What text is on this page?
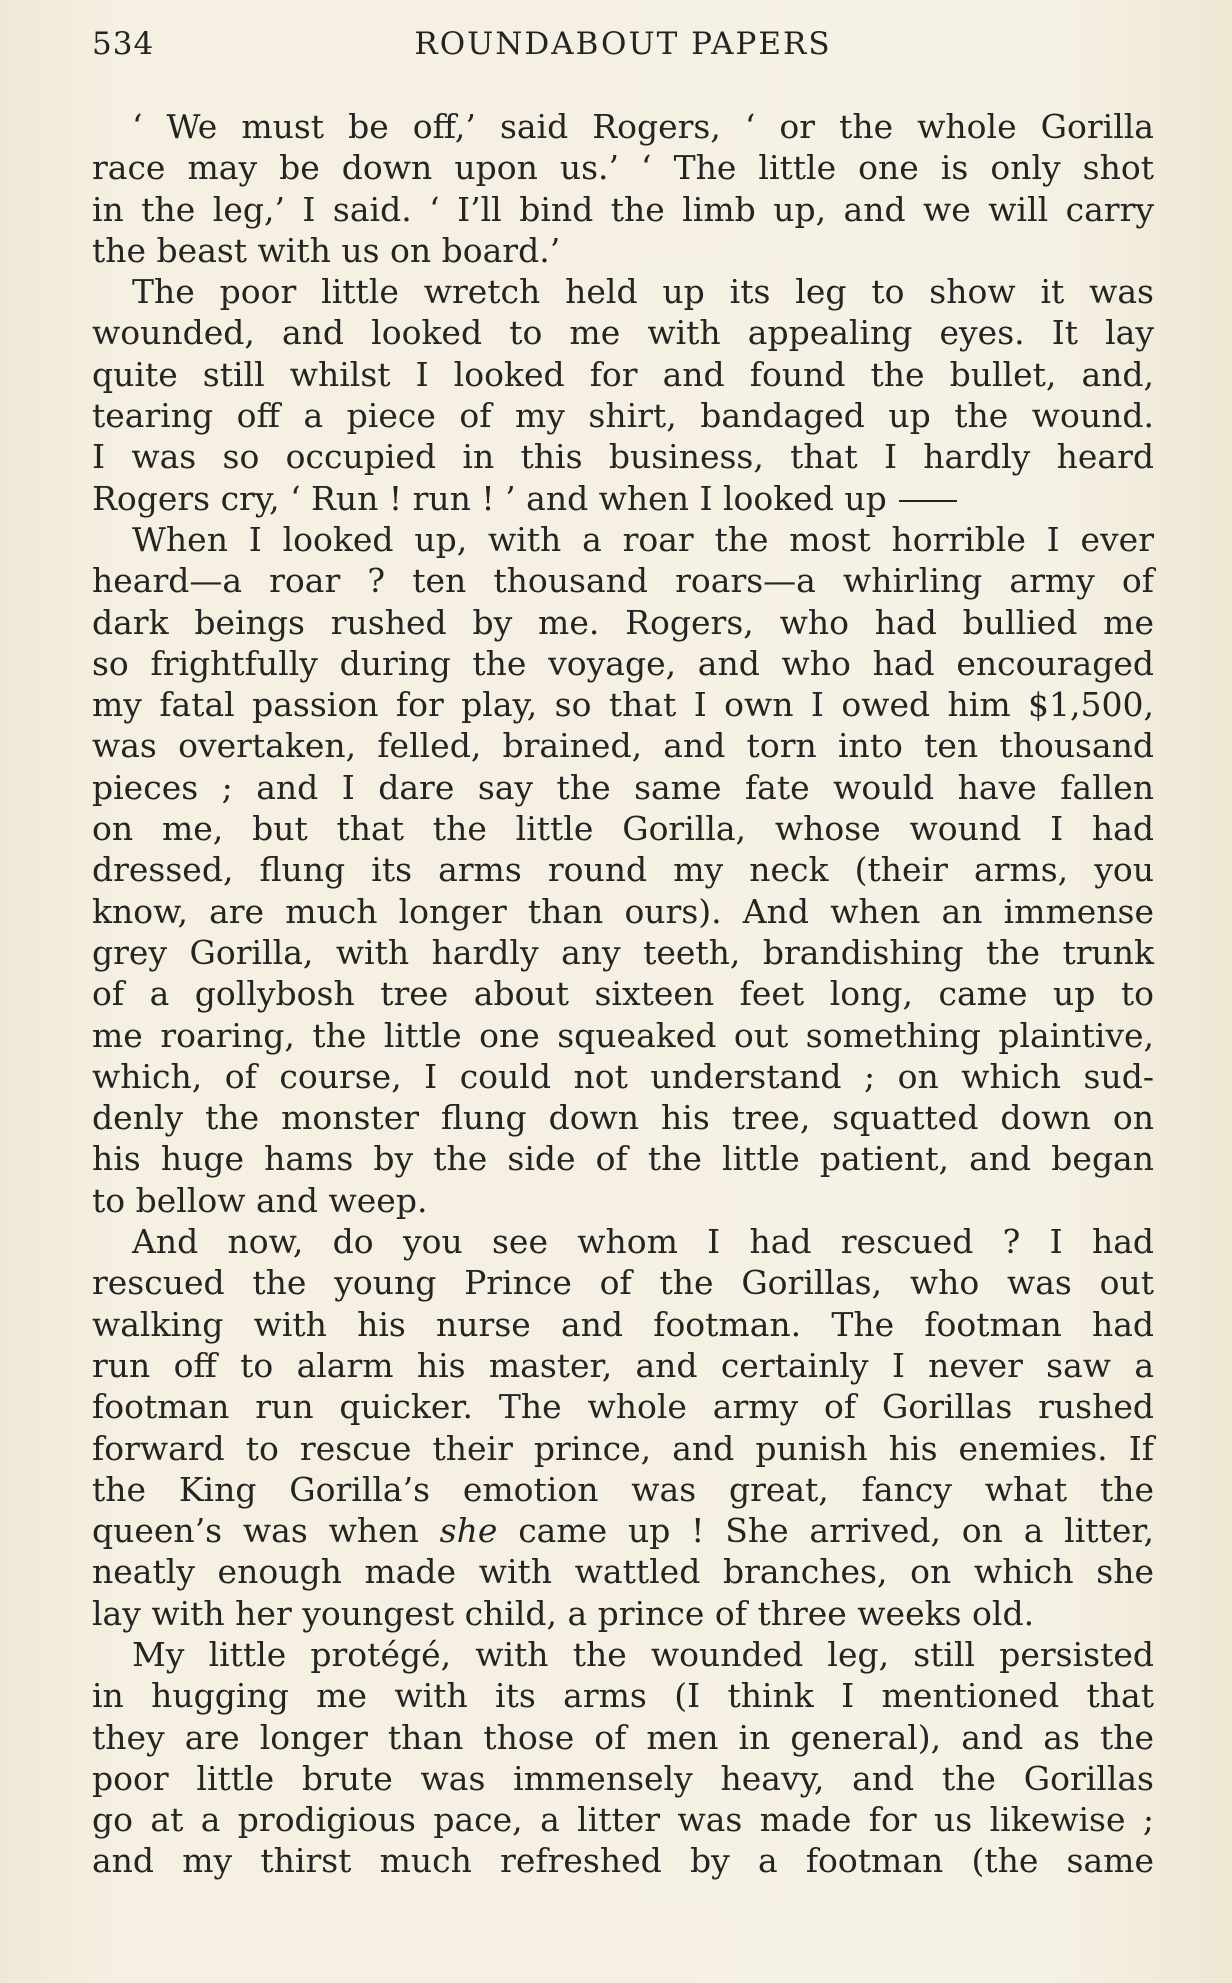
534	ROUNDABOUT PAPERS
‘ We must be off,’ said Rogers, ‘ or the whole Gorilla
race may be down upon us.’ ‘ The little one is only shot
in the leg,’ I said. ‘ I’ll bind the limb up, and we will carry
the beast with us on board.’
The poor little wretch held up its leg to show it was
wounded, and looked to me with appealing eyes. It lay
quite still whilst I looked for and found the bullet, and,
tearing off a piece of my shirt, bandaged up the wound.
I was so occupied in this business, that I hardly heard
Rogers cry, ‘ Run ! run ! ’ and when I looked up
When I looked up, with a roar the most horrible I ever
heard—a roar ? ten thousand roars—a whirling army of
dark beings rushed by me. Rogers, who had bullied me
so frightfully during the voyage, and who had encouraged
my fatal passion for play, so that I own I owed him $1,500,
was overtaken, felled, brained, and torn into ten thousand
pieces ; and I dare say the same fate would have fallen
on me, but that the little Gorilla, whose wound I had
dressed, flung its arms round my neck (their arms, you
know, are much longer than ours). And when an immense
grey Gorilla, with hardly any teeth, brandishing the trunk
of a gollybosh tree about sixteen feet long, came up to
me roaring, the little one squeaked out something plaintive,
which, of course, I could not understand ; on which sud-
denly the monster flung down his tree, squatted down on
his huge hams by the side of the little patient, and began
to bellow and weep.
And now, do you see whom I had rescued ? I had
rescued the young Prince of the Gorillas, who was out
walking with his nurse and footman. The footman had
run off to alarm his master, and certainly I never saw a
footman run quicker. The whole army of Gorillas rushed
forward to rescue their prince, and punish his enemies. If
the King Gorilla’s emotion was great, fancy what the
queen’s was when she came up ! She arrived, on a litter,
neatly enough made with wattled branches, on which she
lay with her youngest child, a prince of three weeks old.
My little protégé, with the wounded leg, still persisted
in hugging me with its arms (I think I mentioned that
they are longer than those of men in general), and as the
poor little brute was immensely heavy, and the Gorillas
go at a prodigious pace, a litter was made for us likewise ;
and my thirst much refreshed by a footman (the same
